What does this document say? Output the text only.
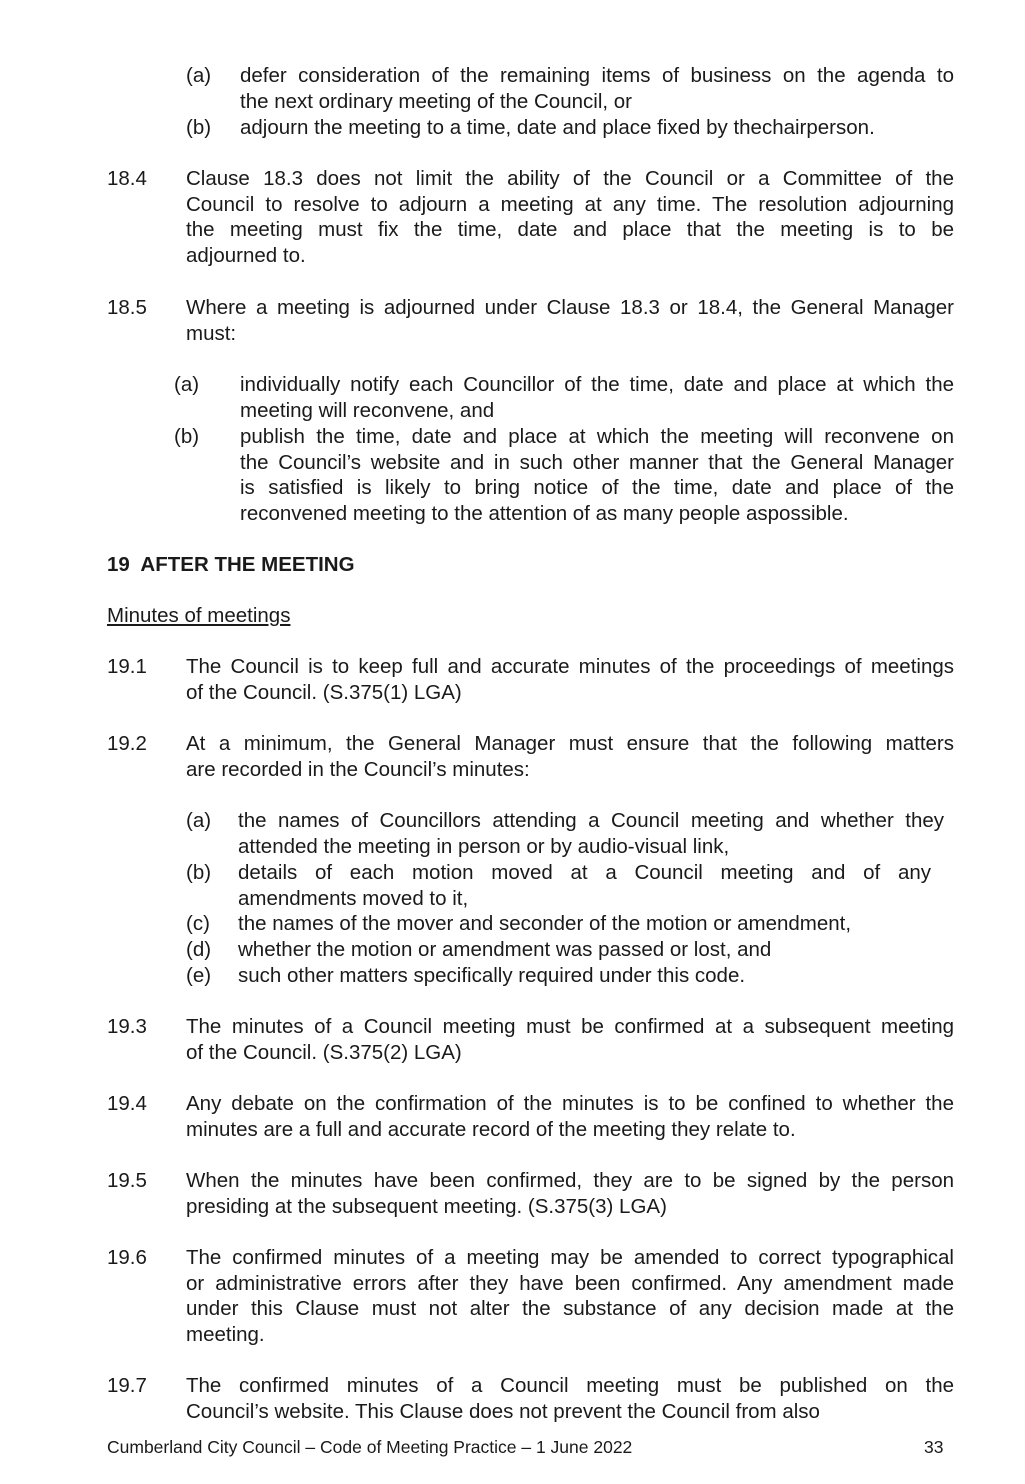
(a) defer consideration of the remaining items of business on the agenda to
the next ordinary meeting of the Council, or
(b) adjourn the meeting to a time, date and place fixed by thechairperson.
18.4 Clause 18.3 does not limit the ability of the Council or a Committee of the
Council to resolve to adjourn a meeting at any time. The resolution adjourning
the meeting must fix the time, date and place that the meeting is to be
adjourned to.
18.5 Where a meeting is adjourned under Clause 18.3 or 18.4, the General Manager
must:
(a) individually notify each Councillor of the time, date and place at which the
meeting will reconvene, and
(b) publish the time, date and place at which the meeting will reconvene on
the Council’s website and in such other manner that the General Manager
is satisfied is likely to bring notice of the time, date and place of the
reconvened meeting to the attention of as many people aspossible.
19  AFTER THE MEETING
Minutes of meetings
19.1 The Council is to keep full and accurate minutes of the proceedings of meetings
of the Council. (S.375(1) LGA)
19.2 At a minimum, the General Manager must ensure that the following matters
are recorded in the Council’s minutes:
(a) the names of Councillors attending a Council meeting and whether they
attended the meeting in person or by audio-visual link,
(b) details of each motion moved at a Council meeting and of any
amendments moved to it,
(c) the names of the mover and seconder of the motion or amendment,
(d) whether the motion or amendment was passed or lost, and
(e) such other matters specifically required under this code.
19.3 The minutes of a Council meeting must be confirmed at a subsequent meeting
of the Council. (S.375(2) LGA)
19.4 Any debate on the confirmation of the minutes is to be confined to whether the
minutes are a full and accurate record of the meeting they relate to.
19.5 When the minutes have been confirmed, they are to be signed by the person
presiding at the subsequent meeting. (S.375(3) LGA)
19.6 The confirmed minutes of a meeting may be amended to correct typographical
or administrative errors after they have been confirmed. Any amendment made
under this Clause must not alter the substance of any decision made at the
meeting.
19.7 The confirmed minutes of a Council meeting must be published on the
Council’s website. This Clause does not prevent the Council from also
Cumberland City Council – Code of Meeting Practice – 1 June 2022	33
